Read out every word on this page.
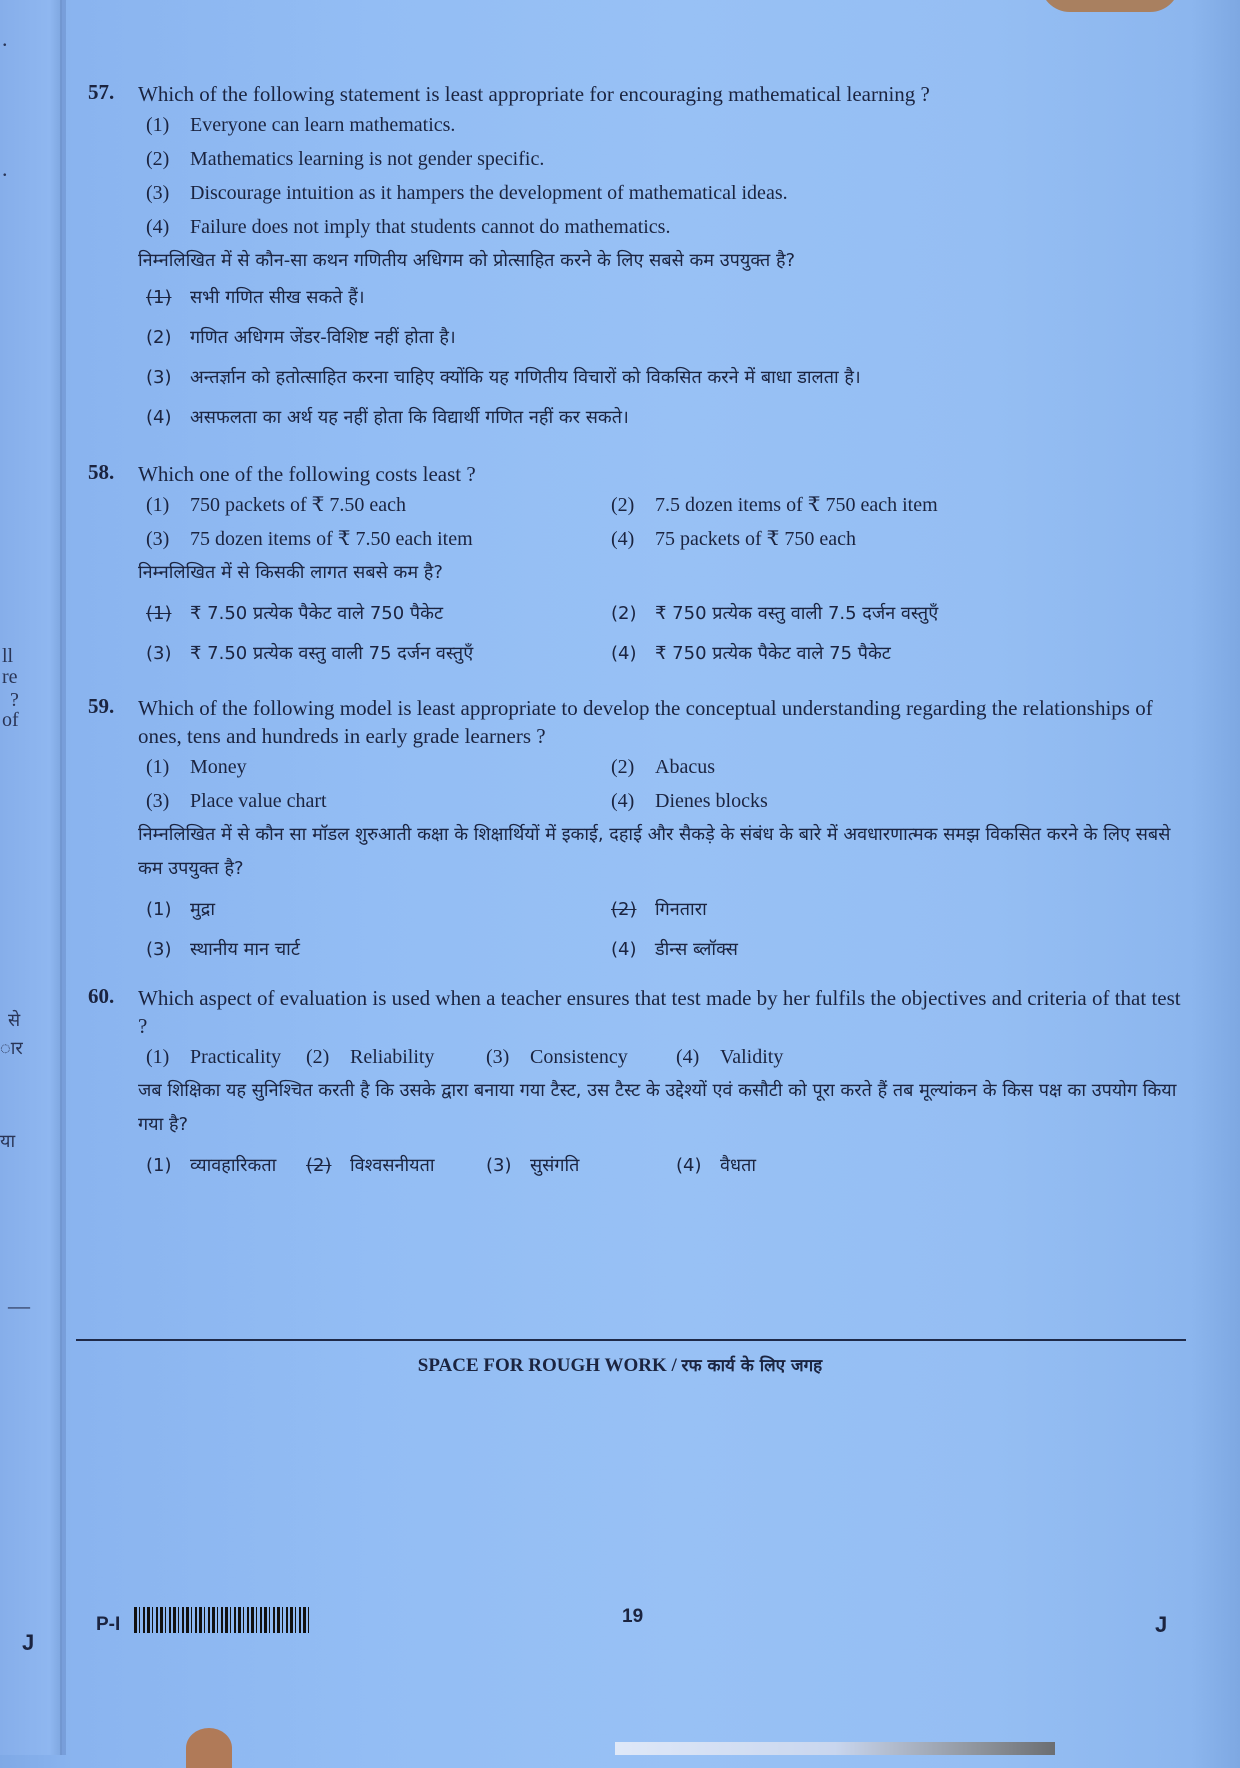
.
.
ll
re
?
of
से
ार
या
—
57. Which of the following statement is least appropriate for encouraging mathematical learning ?
(1)	Everyone can learn mathematics.
(2)	Mathematics learning is not gender specific.
(3)	Discourage intuition as it hampers the development of mathematical ideas.
(4)	Failure does not imply that students cannot do mathematics.
निम्नलिखित में से कौन-सा कथन गणितीय अधिगम को प्रोत्साहित करने के लिए सबसे कम उपयुक्त है?
(1)	सभी गणित सीख सकते हैं।
(2)	गणित अधिगम जेंडर-विशिष्ट नहीं होता है।
(3)	अन्तर्ज्ञान को हतोत्साहित करना चाहिए क्योंकि यह गणितीय विचारों को विकसित करने में बाधा डालता है।
(4)	असफलता का अर्थ यह नहीं होता कि विद्यार्थी गणित नहीं कर सकते।
58. Which one of the following costs least ?
(1)	750 packets of ₹ 7.50 each	(2)	7.5 dozen items of ₹ 750 each item
(3)	75 dozen items of ₹ 7.50 each item	(4)	75 packets of ₹ 750 each
निम्नलिखित में से किसकी लागत सबसे कम है?
(1)	₹ 7.50 प्रत्येक पैकेट वाले 750 पैकेट	(2)	₹ 750 प्रत्येक वस्तु वाली 7.5 दर्जन वस्तुएँ
(3)	₹ 7.50 प्रत्येक वस्तु वाली 75 दर्जन वस्तुएँ	(4)	₹ 750 प्रत्येक पैकेट वाले 75 पैकेट
59. Which of the following model is least appropriate to develop the conceptual understanding regarding the relationships of ones, tens and hundreds in early grade learners ?
(1)	Money	(2)	Abacus
(3)	Place value chart	(4)	Dienes blocks
निम्नलिखित में से कौन सा मॉडल शुरुआती कक्षा के शिक्षार्थियों में इकाई, दहाई और सैकड़े के संबंध के बारे में अवधारणात्मक समझ विकसित करने के लिए सबसे कम उपयुक्त है?
(1)	मुद्रा	(2)	गिनतारा
(3)	स्थानीय मान चार्ट	(4)	डीन्स ब्लॉक्स
60. Which aspect of evaluation is used when a teacher ensures that test made by her fulfils the objectives and criteria of that test ?
(1)	Practicality	(2)	Reliability	(3)	Consistency	(4)	Validity
जब शिक्षिका यह सुनिश्चित करती है कि उसके द्वारा बनाया गया टैस्ट, उस टैस्ट के उद्देश्यों एवं कसौटी को पूरा करते हैं तब मूल्यांकन के किस पक्ष का उपयोग किया गया है?
(1)	व्यावहारिकता	(2)	विश्वसनीयता	(3)	सुसंगति	(4)	वैधता
SPACE FOR ROUGH WORK / रफ कार्य के लिए जगह
J
P-I	19	J
